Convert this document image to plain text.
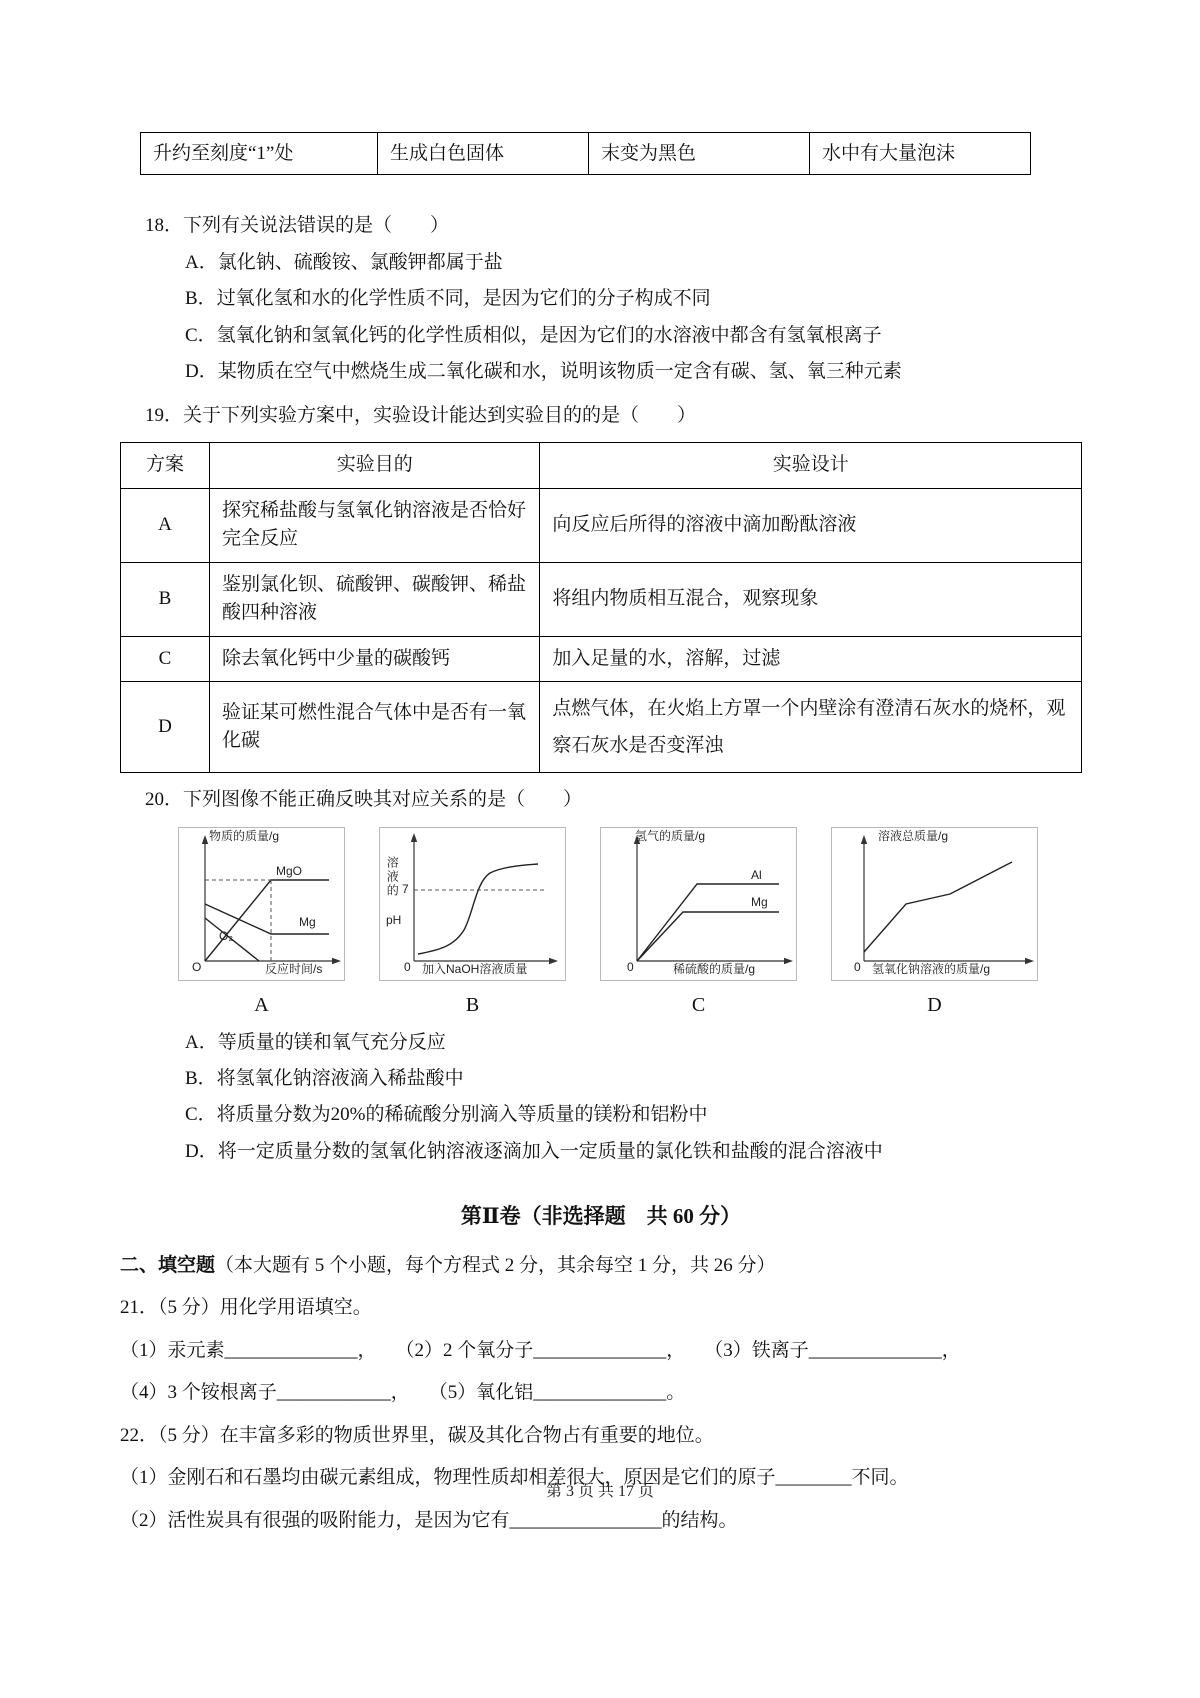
升约至刻度“1”处	生成白色固体	末变为黑色	水中有大量泡沫

18．下列有关说法错误的是（　　）

A．氯化钠、硫酸铵、氯酸钾都属于盐

B．过氧化氢和水的化学性质不同，是因为它们的分子构成不同

C．氢氧化钠和氢氧化钙的化学性质相似，是因为它们的水溶液中都含有氢氧根离子

D．某物质在空气中燃烧生成二氧化碳和水，说明该物质一定含有碳、氢、氧三种元素

19．关于下列实验方案中，实验设计能达到实验目的的是（　　）

方案	实验目的	实验设计
A	探究稀盐酸与氢氧化钠溶液是否恰好完全反应	向反应后所得的溶液中滴加酚酞溶液
B	鉴别氯化钡、硫酸钾、碳酸钾、稀盐酸四种溶液	将组内物质相互混合，观察现象
C	除去氧化钙中少量的碳酸钙	加入足量的水，溶解，过滤
D	验证某可燃性混合气体中是否有一氧化碳	点燃气体，在火焰上方罩一个内壁涂有澄清石灰水的烧杯，观察石灰水是否变浑浊

20．下列图像不能正确反映其对应关系的是（　　）

物质的质量/g
MgO
Mg
O₂
O	反应时间/s
A
溶液的
pH
7
0 加入NaOH溶液质量
B
氢气的质量/g
Al
Mg
0	稀硫酸的质量/g
C
溶液总质量/g
0 氢氧化钠溶液的质量/g
D

A．等质量的镁和氧气充分反应

B．将氢氧化钠溶液滴入稀盐酸中

C．将质量分数为20%的稀硫酸分别滴入等质量的镁粉和铝粉中

D．将一定质量分数的氢氧化钠溶液逐滴加入一定质量的氯化铁和盐酸的混合溶液中

第Ⅱ卷（非选择题　共 60 分）

二、填空题（本大题有 5 个小题，每个方程式 2 分，其余每空 1 分，共 26 分）

21．（5 分）用化学用语填空。

（1）汞元素______________，　　（2）2 个氧分子______________，　　（3）铁离子______________，

（4）3 个铵根离子____________，　　（5）氧化铝______________。

22．（5 分）在丰富多彩的物质世界里，碳及其化合物占有重要的地位。

（1）金刚石和石墨均由碳元素组成，物理性质却相差很大，原因是它们的原子________不同。

（2）活性炭具有很强的吸附能力，是因为它有________________的结构。

第 3 页 共 17 页
